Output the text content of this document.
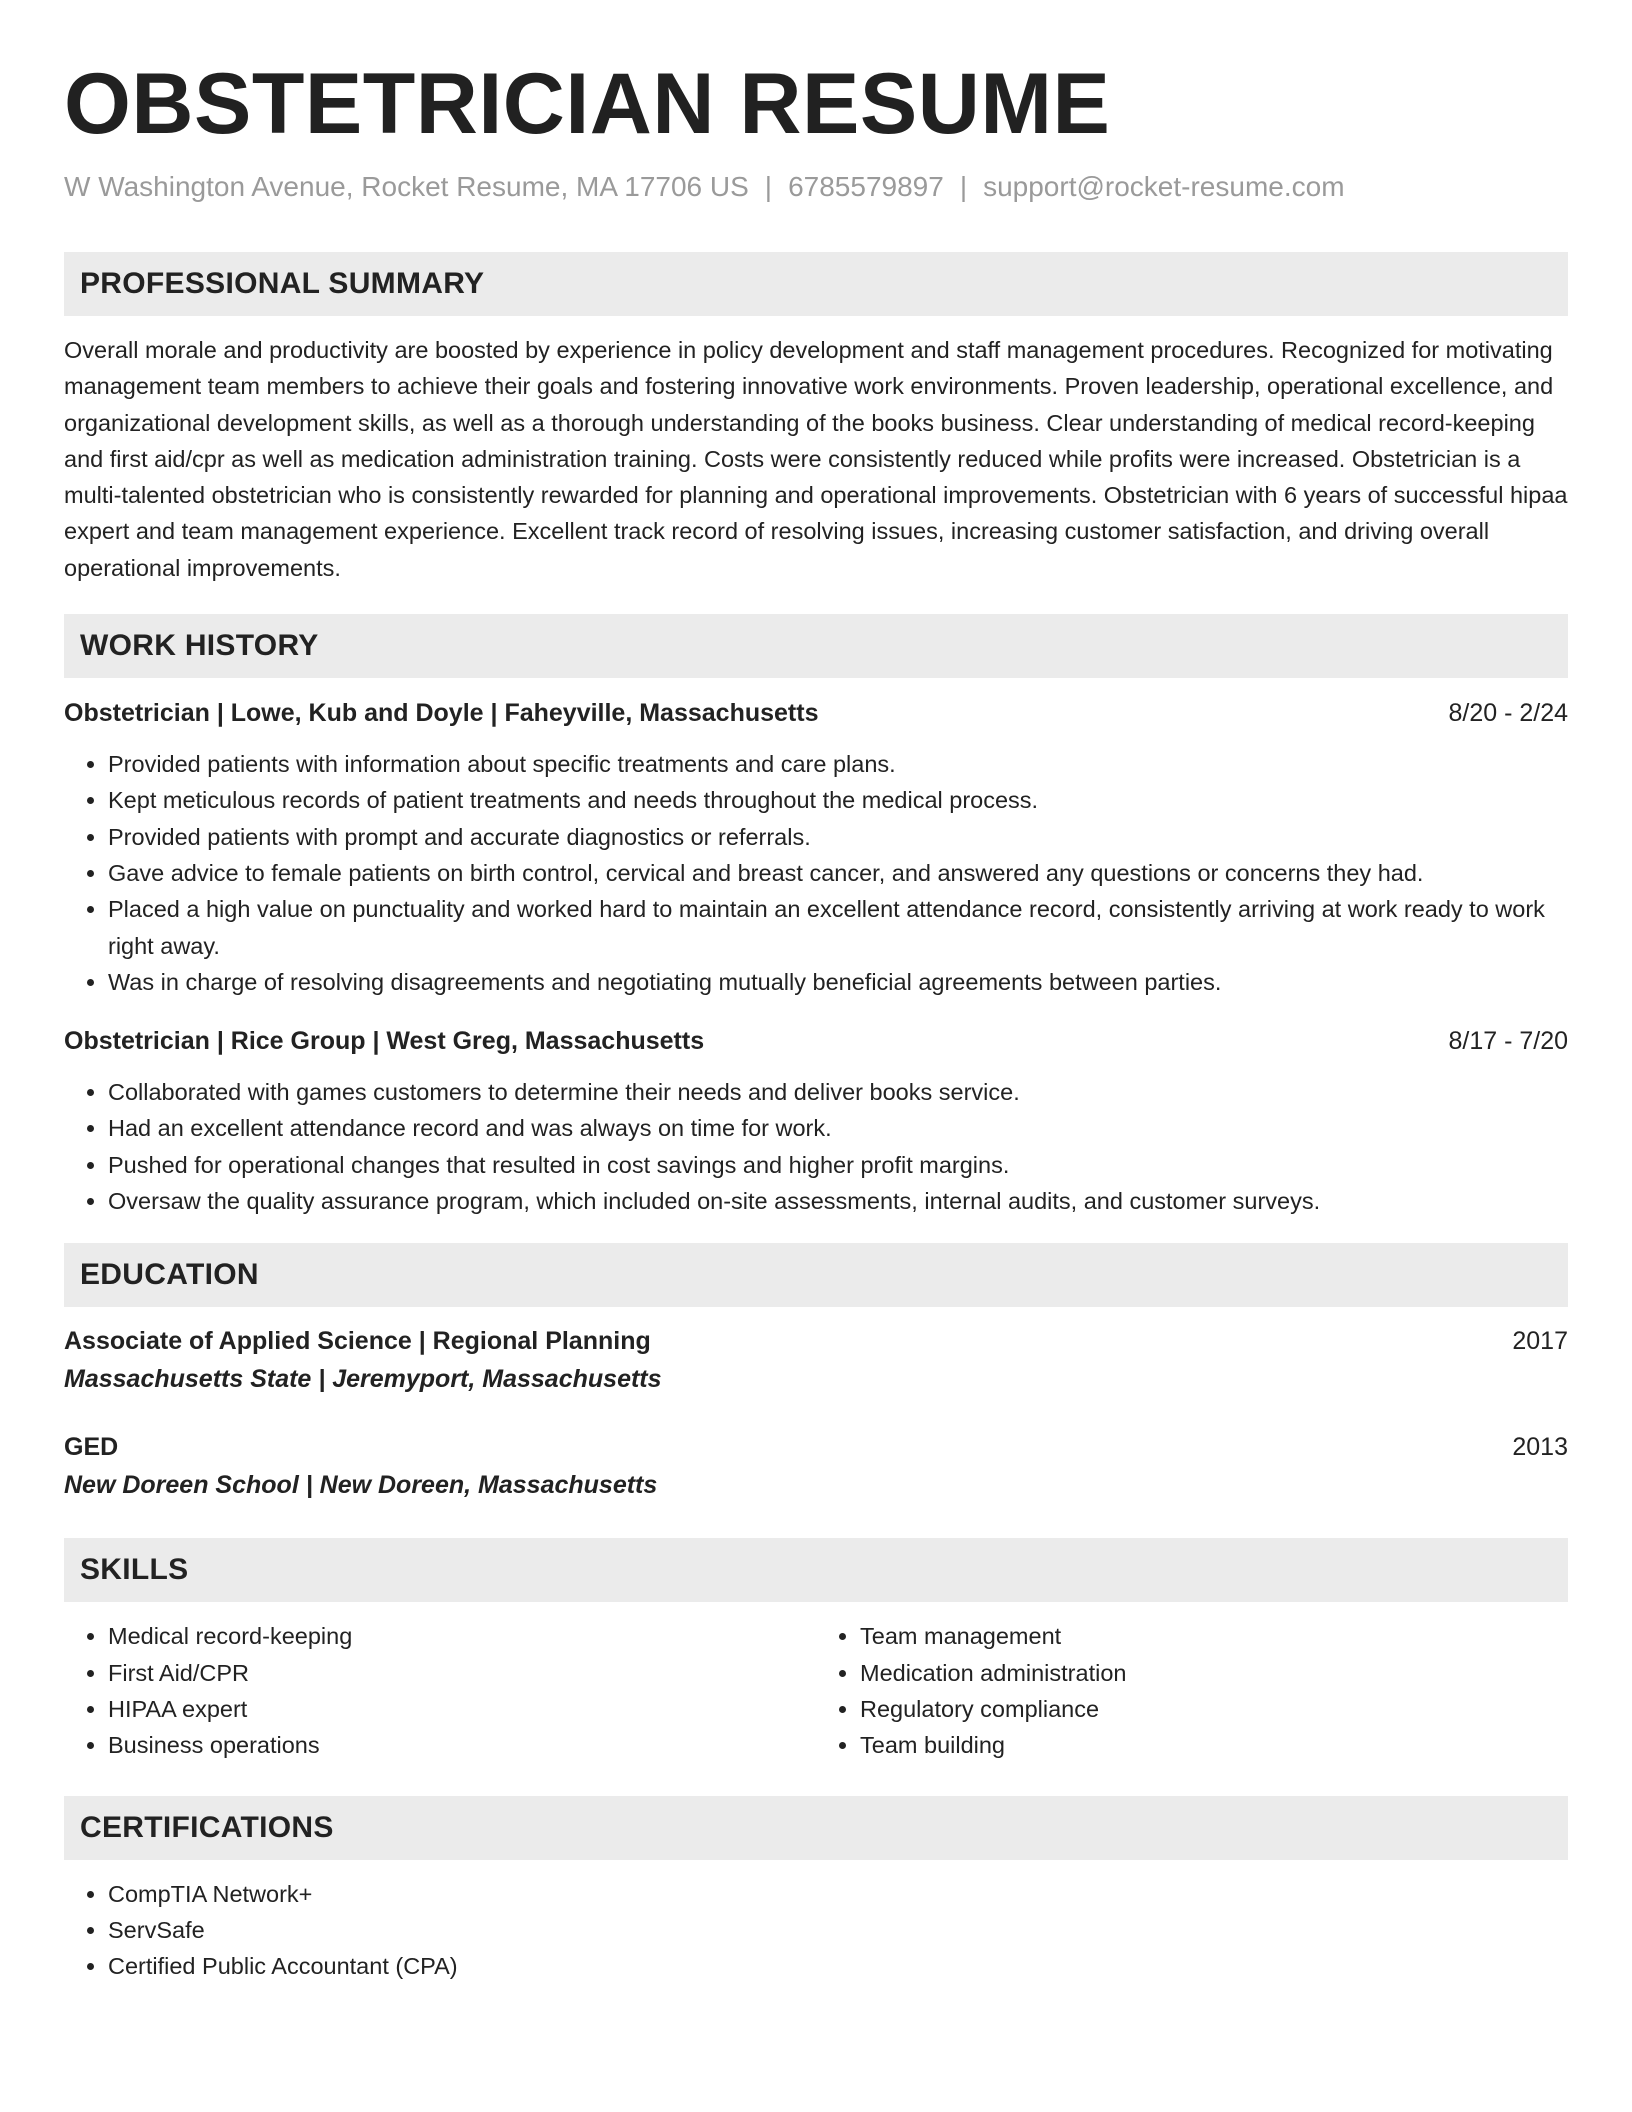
OBSTETRICIAN RESUME
W Washington Avenue, Rocket Resume, MA 17706 US | 6785579897 | support@rocket-resume.com
PROFESSIONAL SUMMARY
Overall morale and productivity are boosted by experience in policy development and staff management procedures. Recognized for motivating management team members to achieve their goals and fostering innovative work environments. Proven leadership, operational excellence, and organizational development skills, as well as a thorough understanding of the books business. Clear understanding of medical record-keeping and first aid/cpr as well as medication administration training. Costs were consistently reduced while profits were increased. Obstetrician is a multi-talented obstetrician who is consistently rewarded for planning and operational improvements. Obstetrician with 6 years of successful hipaa expert and team management experience. Excellent track record of resolving issues, increasing customer satisfaction, and driving overall operational improvements.
WORK HISTORY
Obstetrician | Lowe, Kub and Doyle | Faheyville, Massachusetts	8/20 - 2/24
• Provided patients with information about specific treatments and care plans.
• Kept meticulous records of patient treatments and needs throughout the medical process.
• Provided patients with prompt and accurate diagnostics or referrals.
• Gave advice to female patients on birth control, cervical and breast cancer, and answered any questions or concerns they had.
• Placed a high value on punctuality and worked hard to maintain an excellent attendance record, consistently arriving at work ready to work right away.
• Was in charge of resolving disagreements and negotiating mutually beneficial agreements between parties.
Obstetrician | Rice Group | West Greg, Massachusetts	8/17 - 7/20
• Collaborated with games customers to determine their needs and deliver books service.
• Had an excellent attendance record and was always on time for work.
• Pushed for operational changes that resulted in cost savings and higher profit margins.
• Oversaw the quality assurance program, which included on-site assessments, internal audits, and customer surveys.
EDUCATION
Associate of Applied Science | Regional Planning	2017
Massachusetts State | Jeremyport, Massachusetts
GED	2013
New Doreen School | New Doreen, Massachusetts
SKILLS
• Medical record-keeping
• First Aid/CPR
• HIPAA expert
• Business operations
• Team management
• Medication administration
• Regulatory compliance
• Team building
CERTIFICATIONS
• CompTIA Network+
• ServSafe
• Certified Public Accountant (CPA)
